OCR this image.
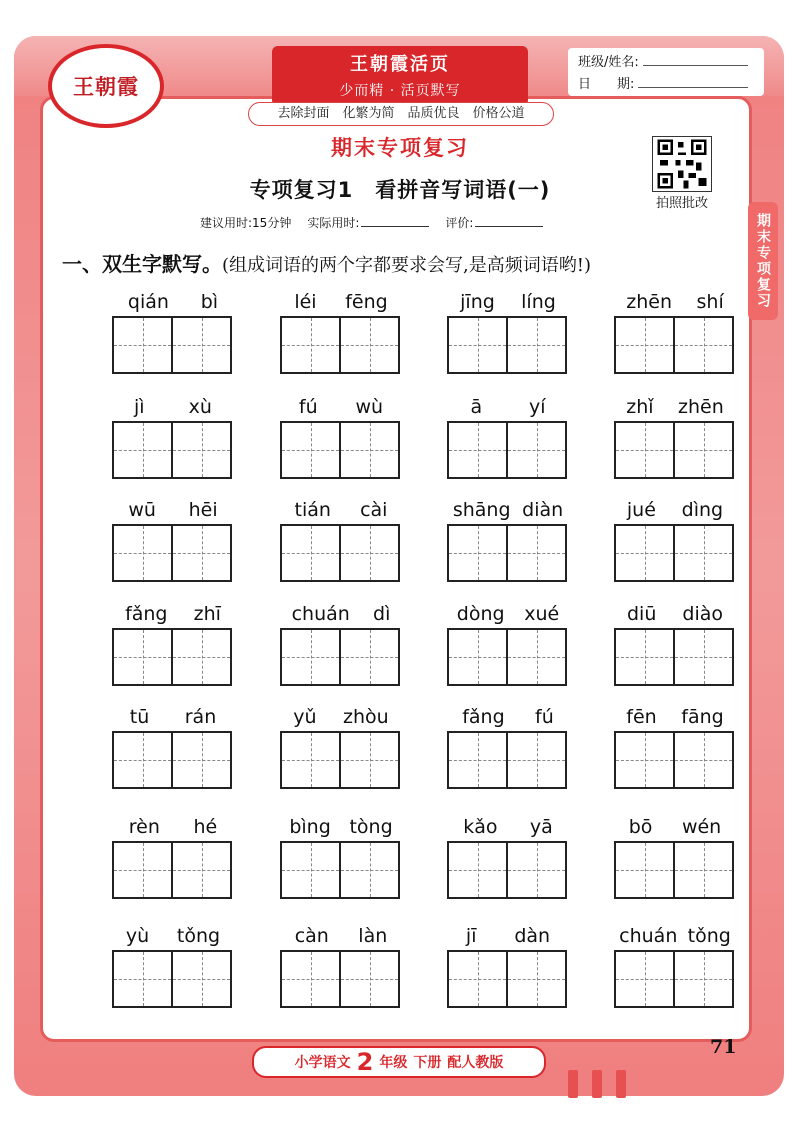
王朝霞
王朝霞活页
少而精 · 活页默写
班级/姓名:
日　　期:
去除封面　化繁为简　品质优良　价格公道
期末专项复习
期末专项复习
专项复习1　看拼音写词语(一)
拍照批改
建议用时:15分钟 实际用时:	评价:
一、双生字默写。(组成词语的两个字都要求会写,是高频词语哟!)
qián bì	léi fēng	jīng líng	zhēn shí
jì xù	fú wù	ā yí	zhǐ zhēn
wū hēi	tián cài	shāng diàn	jué dìng
fǎng zhī	chuán dì	dòng xué	diū diào
tū rán	yǔ zhòu	fǎng fú	fēn fāng
rèn hé	bìng tòng	kǎo yā	bō wén
yù tǒng	càn làn	jī dàn	chuán tǒng
71
小学语文 2 年级 下册 配人教版
